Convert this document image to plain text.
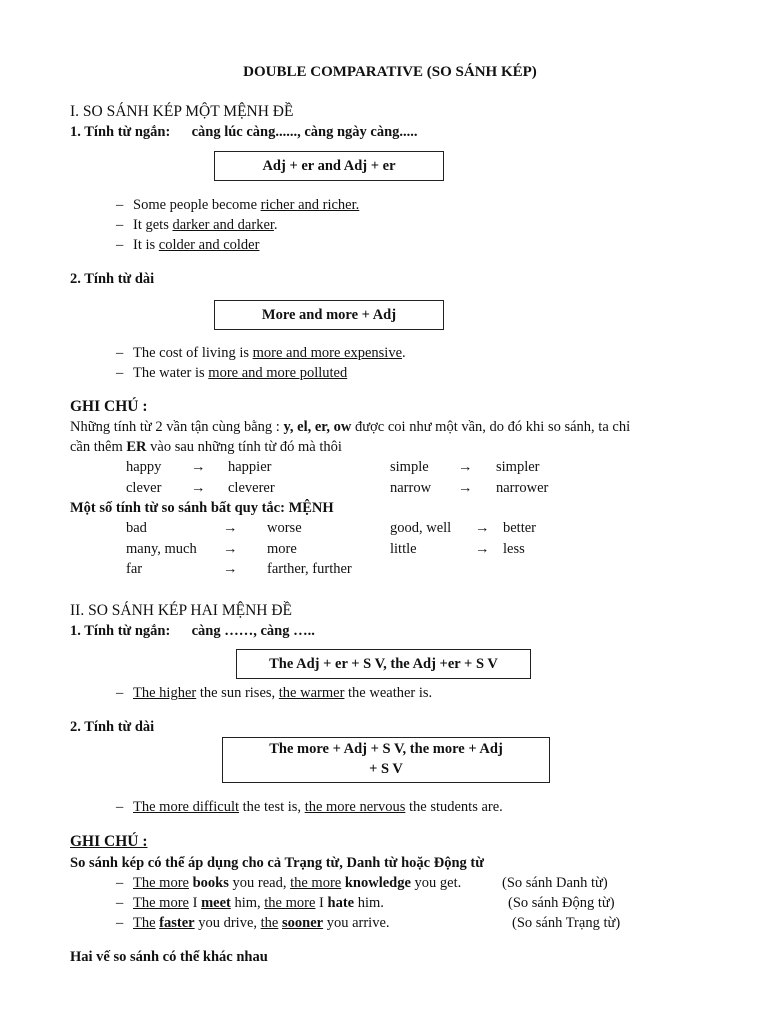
DOUBLE COMPARATIVE (SO SÁNH KÉP)

I. SO SÁNH KÉP MỘT MỆNH ĐỀ

1. Tính từ ngắn: càng lúc càng......, càng ngày càng.....

Adj + er and Adj + er
– Some people become richer and richer.
– It gets darker and darker.
– It is colder and colder

2. Tính từ dài

More and more + Adj
– The cost of living is more and more expensive.
– The water is more and more polluted

GHI CHÚ :

Những tính từ 2 vần tận cùng bằng : y, el, er, ow được coi như một vần, do đó khi so sánh, ta chỉ

cần thêm ER vào sau những tính từ đó mà thôi

happy	→	happier	simple	→	simpler
clever	→	cleverer	narrow	→	narrower

Một số tính từ so sánh bất quy tắc: MỆNH

bad	→	worse	good, well	→	better
many, much	→	more	little	→	less
far	→	farther, further			

II. SO SÁNH KÉP HAI MỆNH ĐỀ

1. Tính từ ngắn: càng ……, càng …..

The Adj + er + S V, the Adj +er + S V
– The higher the sun rises, the warmer the weather is.

2. Tính từ dài

The more + Adj + S V, the more + Adj
+ S V
– The more difficult the test is, the more nervous the students are.

GHI CHÚ :

So sánh kép có thể áp dụng cho cả Trạng từ, Danh từ hoặc Động từ

– The more books you read, the more knowledge you get.	(So sánh Danh từ)
– The more I meet him, the more I hate him.	(So sánh Động từ)
– The faster you drive, the sooner you arrive.	(So sánh Trạng từ)

Hai vế so sánh có thể khác nhau
